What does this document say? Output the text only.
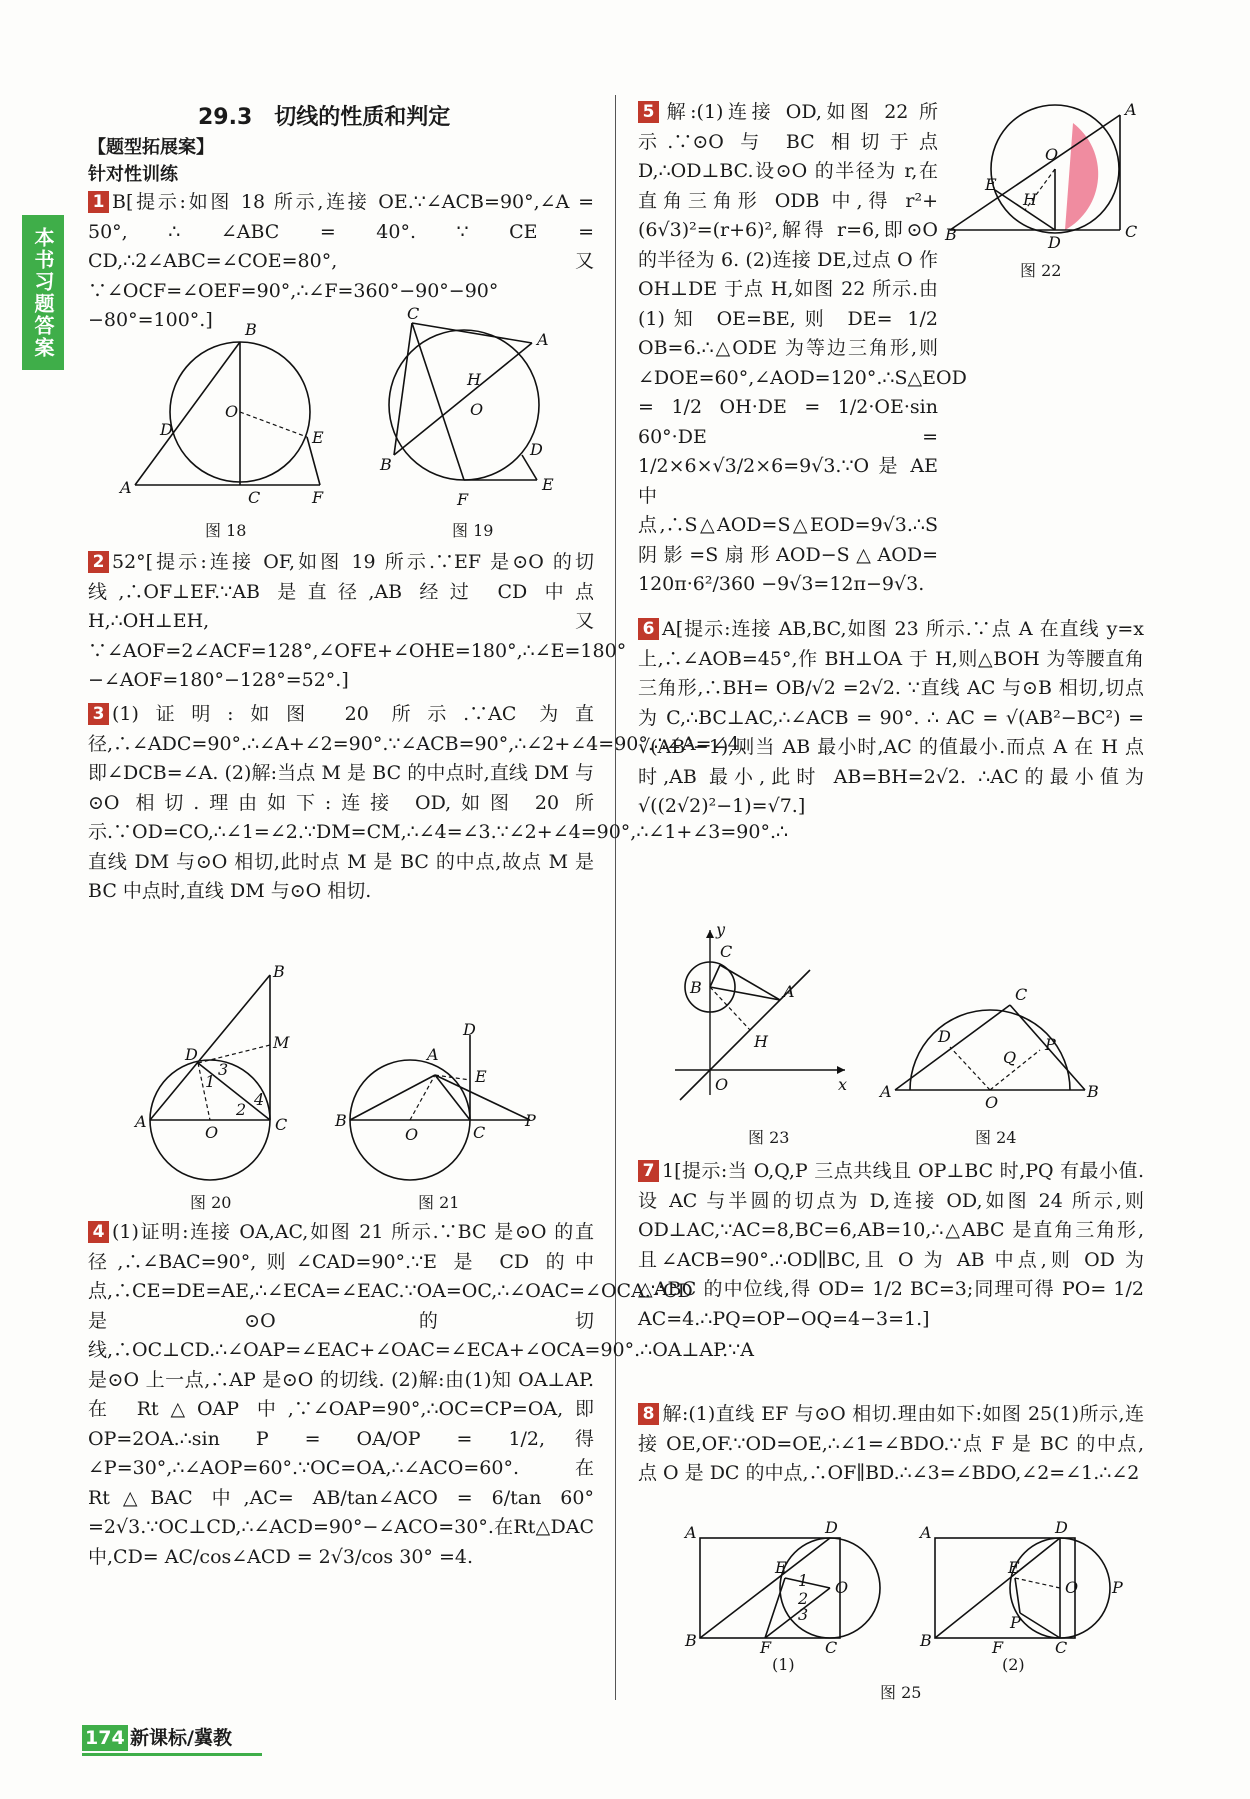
本书习题答案
29.3　切线的性质和判定
【题型拓展案】
针对性训练
1 B[提示:如图 18 所示,连接 OE.∵∠ACB=90°,∠A = 50°, ∴ ∠ABC = 40°. ∵ CE = CD,∴2∠ABC=∠COE=80°,又∵∠OCF=∠OEF=90°,∴∠F=360°−90°−90°−80°=100°.]	B
O
D	E
A
C	F
图 18
C
A
H
O
B
F
D
E
图 19
2 52°[提示:连接 OF,如图 19 所示.∵EF 是⊙O 的切线,∴OF⊥EF.∵AB 是直径,AB 经过 CD 中点 H,∴OH⊥EH,又∵∠AOF=2∠ACF=128°,∠OFE+∠OHE=180°,∴∠E=180°−∠AOF=180°−128°=52°.]
3 (1)证明:如图 20 所示.∵AC 为直径,∴∠ADC=90°.∴∠A+∠2=90°.∵∠ACB=90°,∴∠2+∠4=90°.∴∠A=∠4.即∠DCB=∠A. (2)解:当点 M 是 BC 的中点时,直线 DM 与⊙O 相切.理由如下:连接 OD,如图 20 所示.∵OD=CO,∴∠1=∠2.∵DM=CM,∴∠4=∠3.∵∠2+∠4=90°,∴∠1+∠3=90°.∴直线 DM 与⊙O 相切,此时点 M 是 BC 的中点,故点 M 是 BC 中点时,直线 DM 与⊙O 相切.
B
M
D
A	C
O
1
3
2
4
图 20
B
O
A
D
E
C
P
图 21
4 (1)证明:连接 OA,AC,如图 21 所示.∵BC 是⊙O 的直径,∴∠BAC=90°,则∠CAD=90°.∵E 是 CD 的中点,∴CE=DE=AE,∴∠ECA=∠EAC.∵OA=OC,∴∠OAC=∠OCA.∵CD 是⊙O 的切线,∴OC⊥CD.∴∠OAP=∠EAC+∠OAC=∠ECA+∠OCA=90°.∴OA⊥AP.∵A 是⊙O 上一点,∴AP 是⊙O 的切线. (2)解:由(1)知 OA⊥AP.在 Rt△OAP 中,∵∠OAP=90°,∴OC=CP=OA,即 OP=2OA.∴sin P = OA/OP = 1/2,得 ∠P=30°,∴∠AOP=60°.∵OC=OA,∴∠ACO=60°.在 Rt△BAC 中,AC= AB/tan∠ACO = 6/tan 60° =2√3.∵OC⊥CD,∴∠ACD=90°−∠ACO=30°.在Rt△DAC中,CD= AC/cos∠ACD = 2√3/cos 30° =4.
5 解:(1)连接 OD,如图 22 所示.∵⊙O 与 BC 相切于点 D,∴OD⊥BC.设⊙O 的半径为 r,在直角三角形 ODB 中,得 r²+(6√3)²=(r+6)²,解得 r=6,即⊙O 的半径为 6. (2)连接 DE,过点 O 作 OH⊥DE 于点 H,如图 22 所示.由(1)知 OE=BE,则 DE= 1/2 OB=6.∴△ODE 为等边三角形,则∠DOE=60°,∠AOD=120°.∴S△EOD = 1/2 OH·DE = 1/2·OE·sin 60°·DE = 1/2×6×√3/2×6=9√3.∵O 是 AE 中点,∴S△AOD=S△EOD=9√3.∴S阴影=S扇形AOD−S△AOD= 120π·6²/360 −9√3=12π−9√3.
A
O
E
H
B	D
C
图 22
6 A[提示:连接 AB,BC,如图 23 所示.∵点 A 在直线 y=x 上,∴∠AOB=45°,作 BH⊥OA 于 H,则△BOH 为等腰直角三角形,∴BH= OB/√2 =2√2. ∵直线 AC 与⊙B 相切,切点为 C,∴BC⊥AC,∴∠ACB = 90°. ∴ AC = √(AB²−BC²) = √(AB²−1),则当 AB 最小时,AC 的值最小.而点 A 在 H 点时,AB 最小,此时 AB=BH=2√2. ∴AC的最小值为 √((2√2)²−1)=√7.]
y
C
B	A
H
O	x
图 23
C
D	P
Q
A
O
B
图 24
7 1[提示:当 O,Q,P 三点共线且 OP⊥BC 时,PQ 有最小值.设 AC 与半圆的切点为 D,连接 OD,如图 24 所示,则 OD⊥AC,∵AC=8,BC=6,AB=10,∴△ABC 是直角三角形,且∠ACB=90°.∴OD∥BC,且 O 为 AB 中点,则 OD 为△ABC 的中位线,得 OD= 1/2 BC=3;同理可得 PO= 1/2 AC=4.∴PQ=OP−OQ=4−3=1.]
8 解:(1)直线 EF 与⊙O 相切.理由如下:如图 25(1)所示,连接 OE,OF.∵OD=OE,∴∠1=∠BDO.∵点 F 是 BC 的中点,点 O 是 DC 的中点,∴OF∥BD.∴∠3=∠BDO,∠2=∠1.∴∠2
A	D
E
O
B	F	C
1
2
3
(1)
A	D
E
P
O
P
B	F	C
(2)
图 25
174 新课标/冀教
